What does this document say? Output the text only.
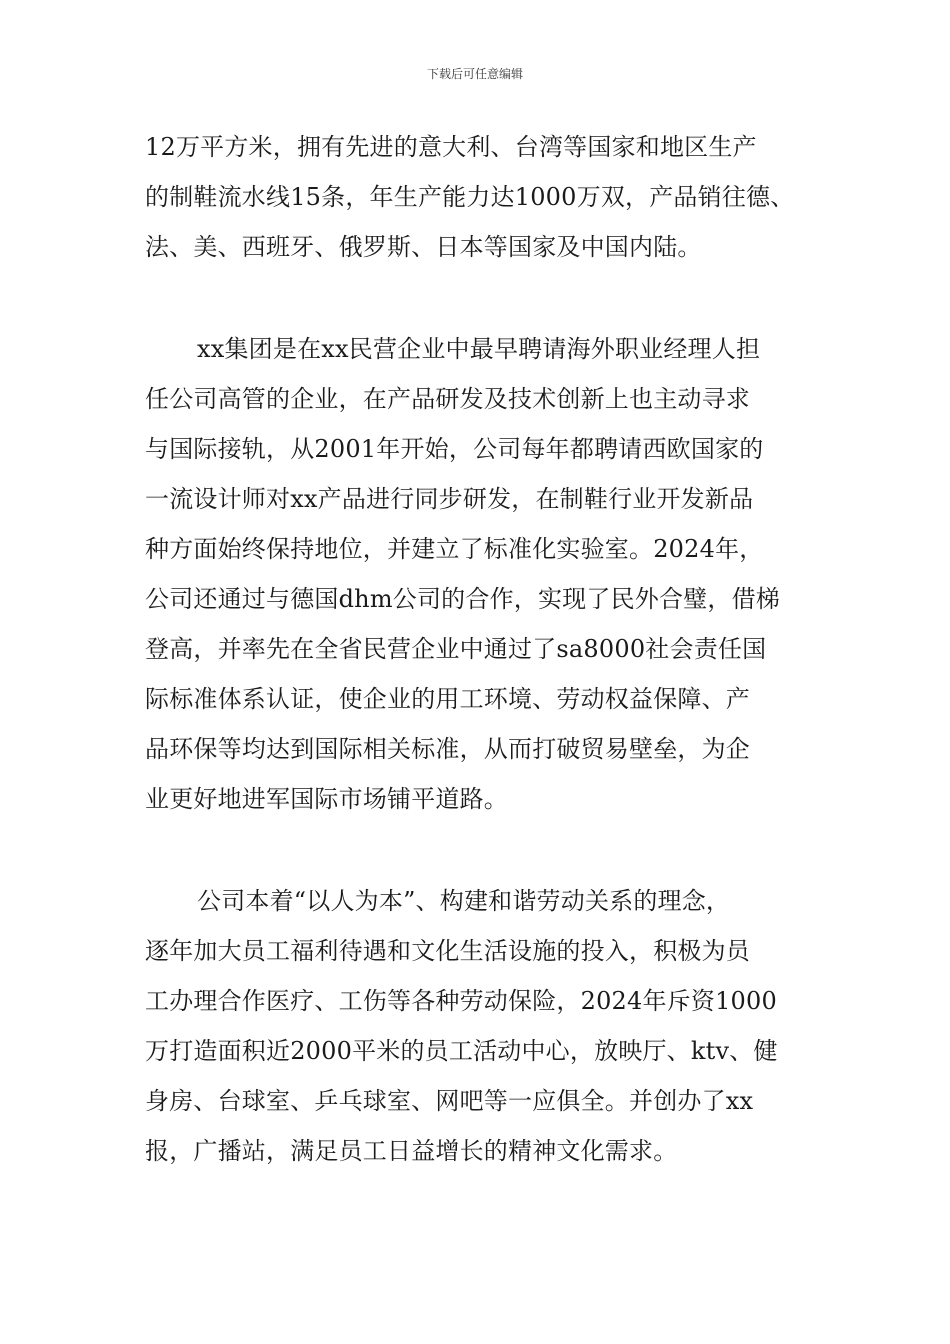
下载后可任意编辑

12万平方米，拥有先进的意大利、台湾等国家和地区生产

的制鞋流水线15条，年生产能力达1000万双，产品销往德、

法、美、西班牙、俄罗斯、日本等国家及中国内陆。

xx集团是在xx民营企业中最早聘请海外职业经理人担

任公司高管的企业，在产品研发及技术创新上也主动寻求

与国际接轨，从2001年开始，公司每年都聘请西欧国家的

一流设计师对xx产品进行同步研发，在制鞋行业开发新品

种方面始终保持地位，并建立了标准化实验室。2024年，

公司还通过与德国dhm公司的合作，实现了民外合璧，借梯

登高，并率先在全省民营企业中通过了sa8000社会责任国

际标准体系认证，使企业的用工环境、劳动权益保障、产

品环保等均达到国际相关标准，从而打破贸易壁垒，为企

业更好地进军国际市场铺平道路。

公司本着“以人为本”、构建和谐劳动关系的理念，

逐年加大员工福利待遇和文化生活设施的投入，积极为员

工办理合作医疗、工伤等各种劳动保险，2024年斥资1000

万打造面积近2000平米的员工活动中心，放映厅、ktv、健

身房、台球室、乒乓球室、网吧等一应俱全。并创办了xx

报，广播站，满足员工日益增长的精神文化需求。
